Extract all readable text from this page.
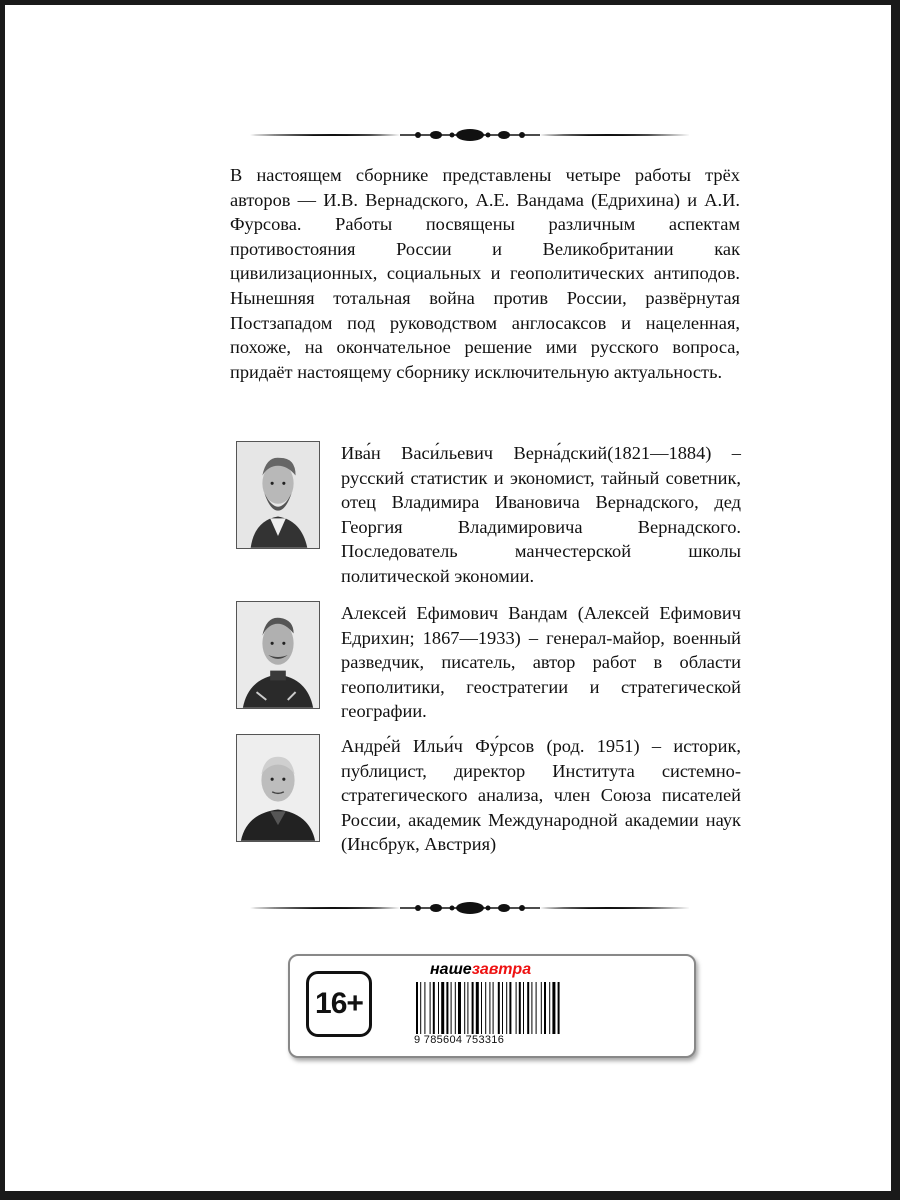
В настоящем сборнике представлены четыре работы трёх авторов — И.В. Вернадского, А.Е. Вандама (Едрихина) и А.И. Фурсова. Работы посвящены различным аспектам противостояния России и Великобритании как цивилизационных, социальных и геополитических антиподов. Нынешняя тотальная война против России, развёрнутая Постзападом под руководством англосаксов и нацеленная, похоже, на окончательное решение ими русского вопроса, придаёт настоящему сборнику исключительную актуальность.

Ива́н Васи́льевич Верна́дский(1821—1884) – русский статистик и экономист, тайный советник, отец Владимира Ивановича Вернадского, дед Георгия Владимировича Вернадского. Последователь манчестерской школы политической экономии.
Алексей Ефимович Вандам (Алексей Ефимович Едрихин; 1867—1933) – генерал-майор, военный разведчик, писатель, автор работ в области геополитики, геостратегии и стратегической географии.
Андре́й Ильи́ч Фу́рсов (род. 1951) – историк, публицист, директор Института системно-стратегического анализа, член Союза писателей России, академик Международной академии наук (Инсбрук, Австрия)
16+
нашезавтра
9 785604 753316
